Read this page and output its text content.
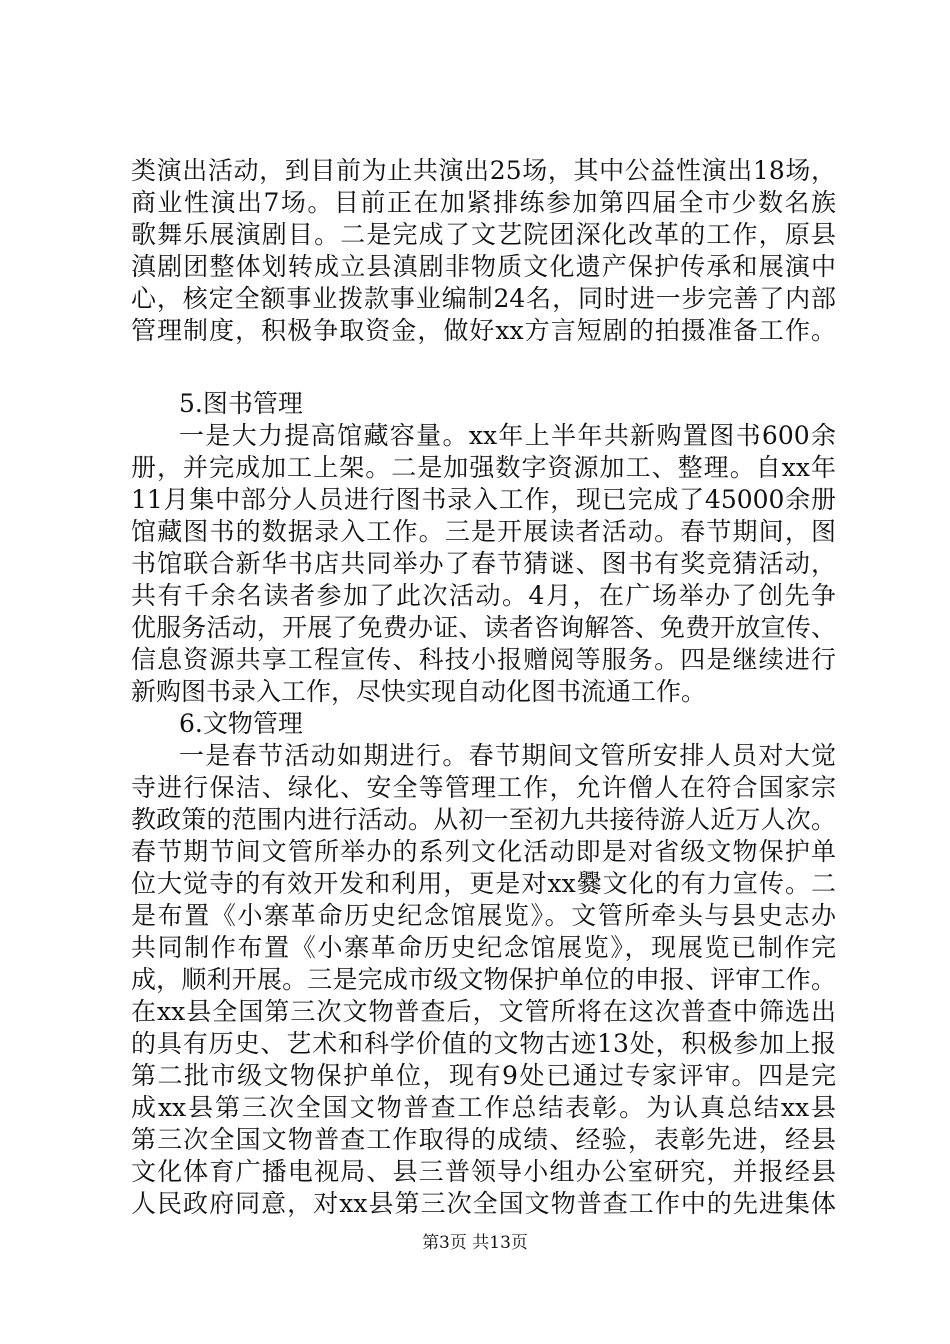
类演出活动，到目前为止共演出25场，其中公益性演出18场，
商业性演出7场。目前正在加紧排练参加第四届全市少数名族
歌舞乐展演剧目。二是完成了文艺院团深化改革的工作，原县
滇剧团整体划转成立县滇剧非物质文化遗产保护传承和展演中
心，核定全额事业拨款事业编制24名，同时进一步完善了内部
管理制度，积极争取资金，做好xx方言短剧的拍摄准备工作。
5.图书管理
一是大力提高馆藏容量。xx年上半年共新购置图书600余
册，并完成加工上架。二是加强数字资源加工、整理。自xx年
11月集中部分人员进行图书录入工作，现已完成了45000余册
馆藏图书的数据录入工作。三是开展读者活动。春节期间，图
书馆联合新华书店共同举办了春节猜谜、图书有奖竞猜活动，
共有千余名读者参加了此次活动。4月，在广场举办了创先争
优服务活动，开展了免费办证、读者咨询解答、免费开放宣传、
信息资源共享工程宣传、科技小报赠阅等服务。四是继续进行
新购图书录入工作，尽快实现自动化图书流通工作。
6.文物管理
一是春节活动如期进行。春节期间文管所安排人员对大觉
寺进行保洁、绿化、安全等管理工作，允许僧人在符合国家宗
教政策的范围内进行活动。从初一至初九共接待游人近万人次。
春节期节间文管所举办的系列文化活动即是对省级文物保护单
位大觉寺的有效开发和利用，更是对xx爨文化的有力宣传。二
是布置《小寨革命历史纪念馆展览》。文管所牵头与县史志办
共同制作布置《小寨革命历史纪念馆展览》，现展览已制作完
成，顺利开展。三是完成市级文物保护单位的申报、评审工作。
在xx县全国第三次文物普查后，文管所将在这次普查中筛选出
的具有历史、艺术和科学价值的文物古迹13处，积极参加上报
第二批市级文物保护单位，现有9处已通过专家评审。四是完
成xx县第三次全国文物普查工作总结表彰。为认真总结xx县
第三次全国文物普查工作取得的成绩、经验，表彰先进，经县
文化体育广播电视局、县三普领导小组办公室研究，并报经县
人民政府同意，对xx县第三次全国文物普查工作中的先进集体
第3页 共13页
